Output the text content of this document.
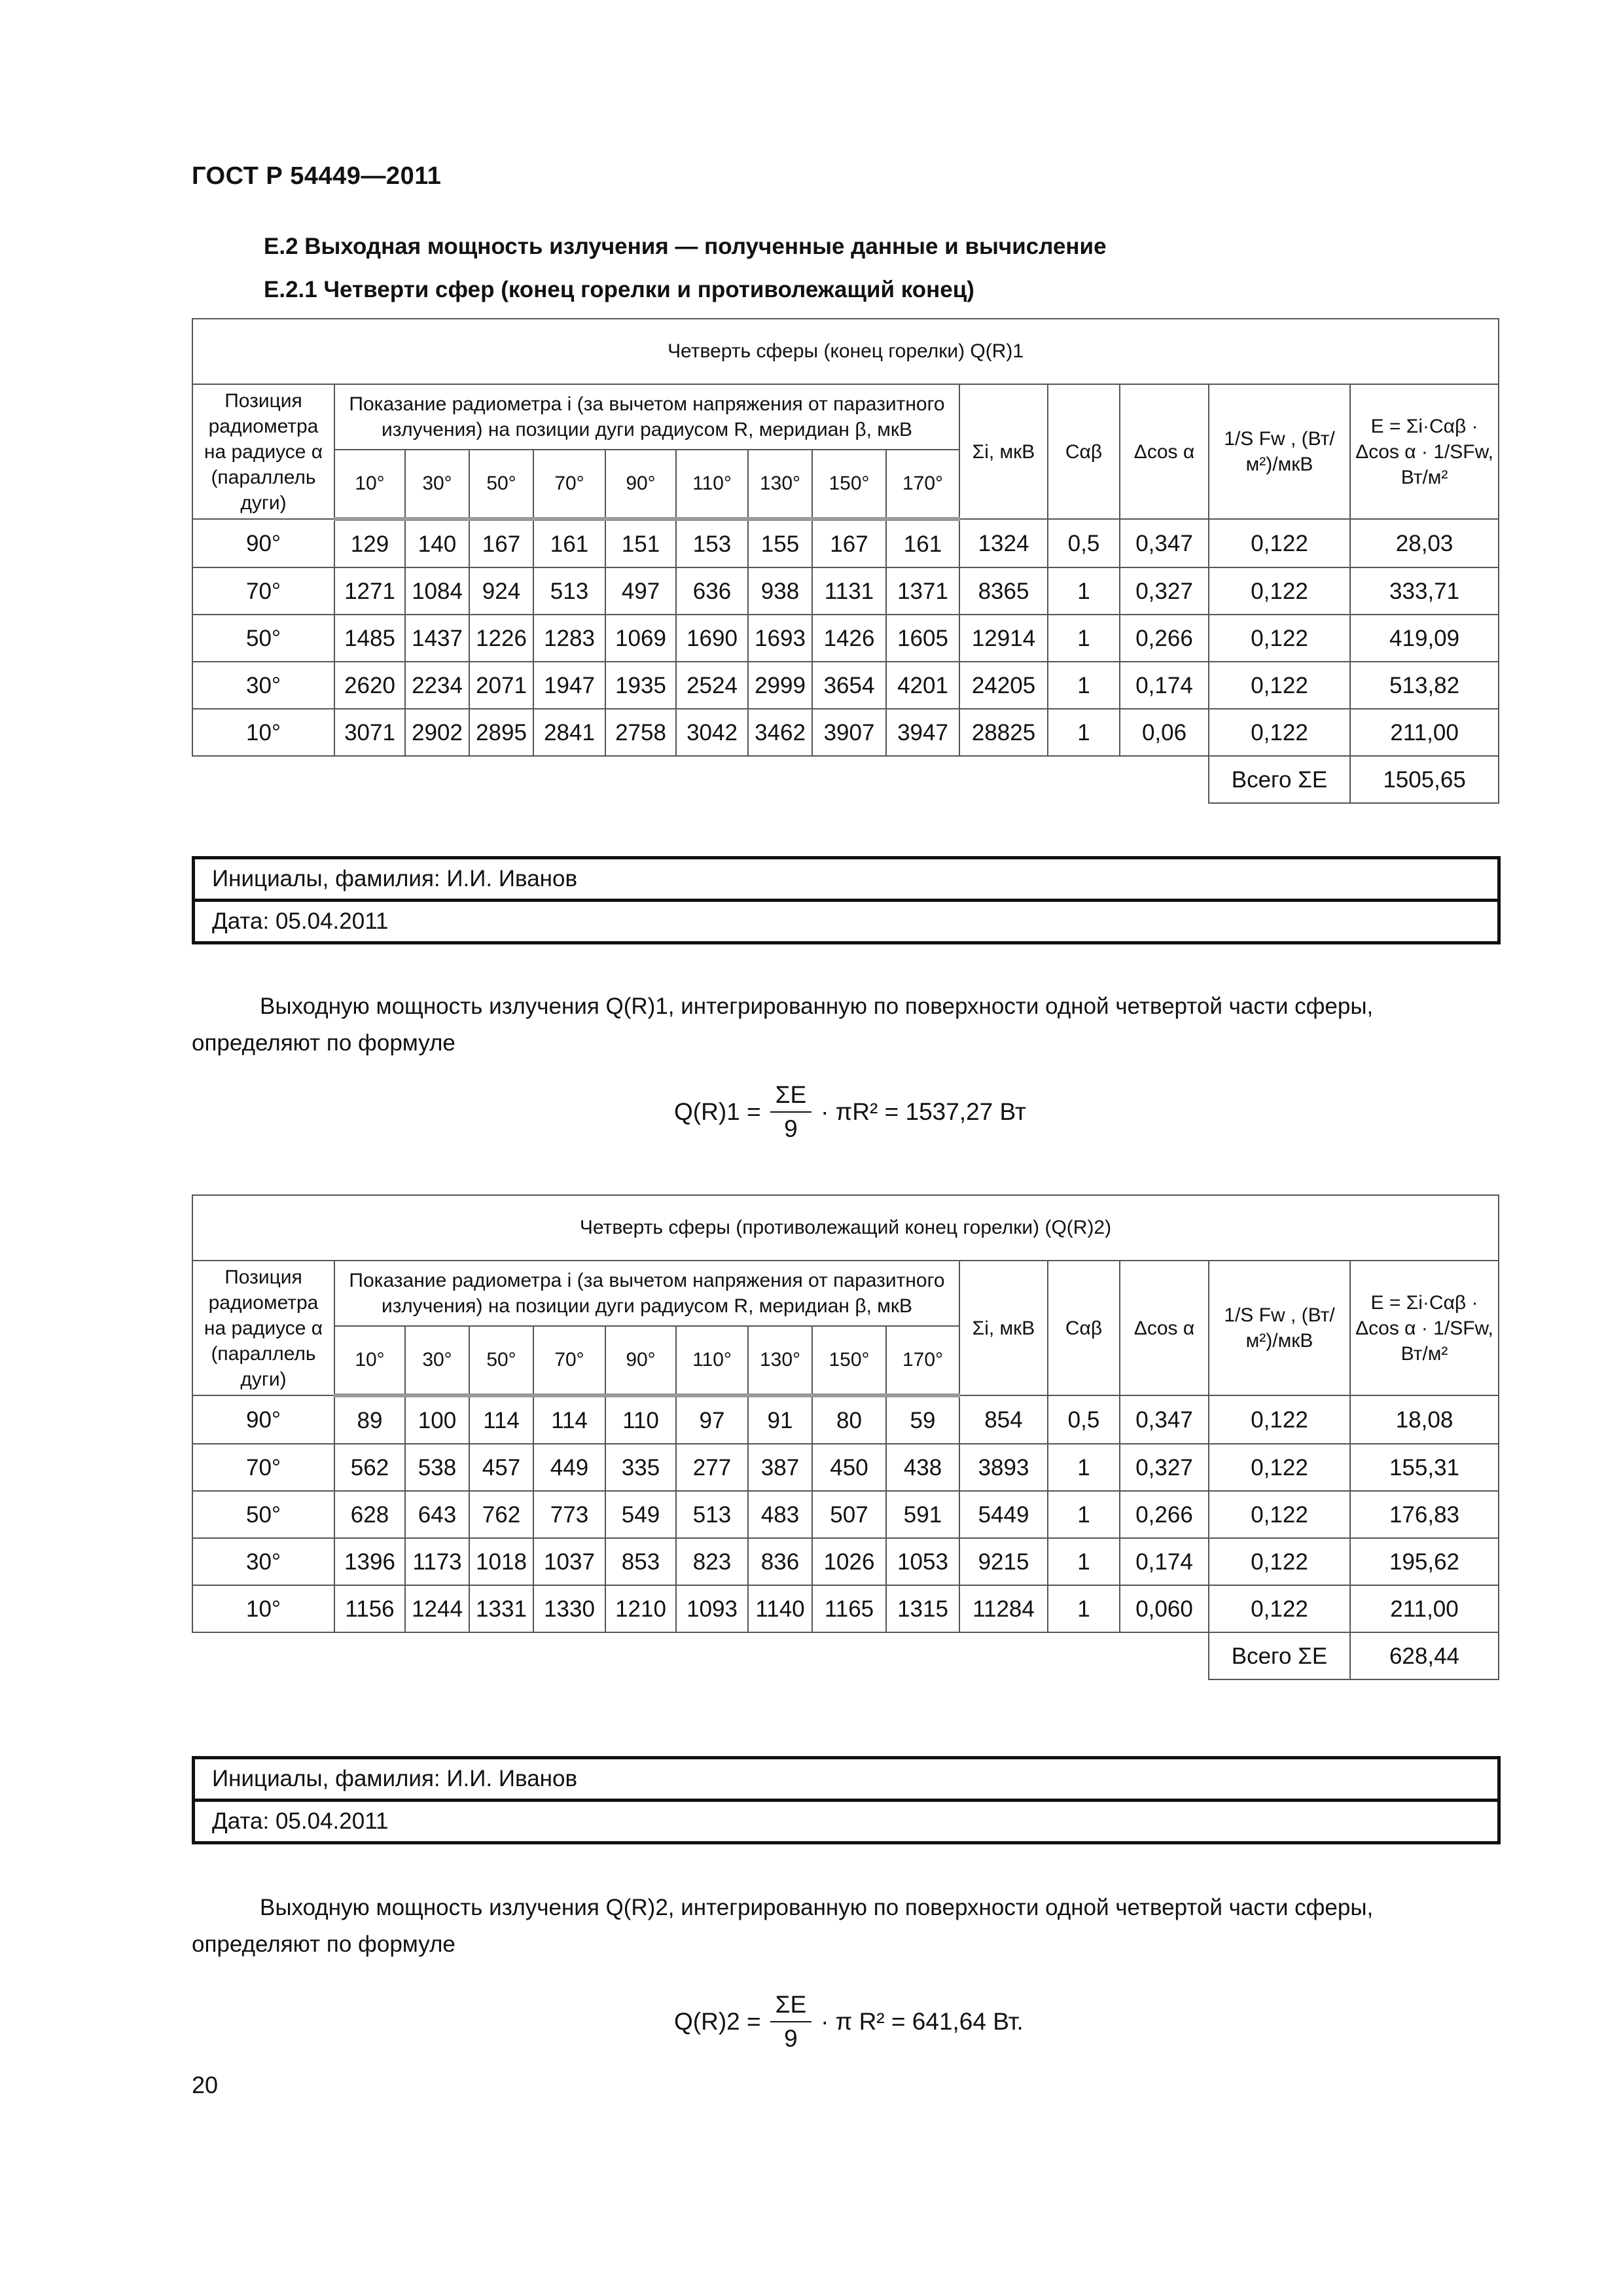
ГОСТ Р 54449—2011
Е.2 Выходная мощность излучения — полученные данные и вычисление
Е.2.1 Четверти сфер (конец горелки и противолежащий конец)
Четверть сферы (конец горелки) Q(R)1														
Позиция радиометра на радиусе α (параллель дуги)	Показание радиометра i (за вычетом напряжения от паразитного излучения) на позиции дуги радиусом R, меридиан β, мкВ									Σi, мкВ	Cαβ	Δcos α	1/S Fw , (Вт/м²)/мкВ	E = Σi·Cαβ · Δcos α · 1/SFw, Вт/м²
	10°	30°	50°	70°	90°	110°	130°	150°	170°					
90°	129	140	167	161	151	153	155	167	161	1324	0,5	0,347	0,122	28,03
70°	1271	1084	924	513	497	636	938	1131	1371	8365	1	0,327	0,122	333,71
50°	1485	1437	1226	1283	1069	1690	1693	1426	1605	12914	1	0,266	0,122	419,09
30°	2620	2234	2071	1947	1935	2524	2999	3654	4201	24205	1	0,174	0,122	513,82
10°	3071	2902	2895	2841	2758	3042	3462	3907	3947	28825	1	0,06	0,122	211,00
													Всего ΣE	1505,65
Инициалы, фамилия: И.И. Иванов
Дата: 05.04.2011
Выходную мощность излучения Q(R)1, интегрированную по поверхности одной четвертой части сферы, определяют по формуле
$Q(R)1 = \frac{\Sigma E}{9} \cdot \pi R^2 = 1537,27$ Вт
Четверть сферы (противолежащий конец горелки) (Q(R)2)														
Позиция радиометра на радиусе α (параллель дуги)	Показание радиометра i (за вычетом напряжения от паразитного излучения) на позиции дуги радиусом R, меридиан β, мкВ									Σi, мкВ	Cαβ	Δcos α	1/S Fw , (Вт/м²)/мкВ	E = Σi·Cαβ · Δcos α · 1/SFw, Вт/м²
	10°	30°	50°	70°	90°	110°	130°	150°	170°					
90°	89	100	114	114	110	97	91	80	59	854	0,5	0,347	0,122	18,08
70°	562	538	457	449	335	277	387	450	438	3893	1	0,327	0,122	155,31
50°	628	643	762	773	549	513	483	507	591	5449	1	0,266	0,122	176,83
30°	1396	1173	1018	1037	853	823	836	1026	1053	9215	1	0,174	0,122	195,62
10°	1156	1244	1331	1330	1210	1093	1140	1165	1315	11284	1	0,060	0,122	211,00
													Всего ΣE	628,44
Инициалы, фамилия: И.И. Иванов
Дата: 05.04.2011
Выходную мощность излучения Q(R)2, интегрированную по поверхности одной четвертой части сферы, определяют по формуле
$Q(R)2 = \frac{\Sigma E}{9} \cdot \pi$ R² = 641,64 Вт.
20
